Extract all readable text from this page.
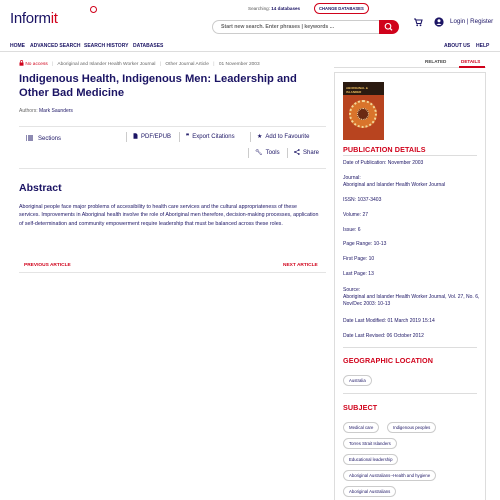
Informit
Searching: 14 databases	CHANGE DATABASES
Start new search. Enter phrases | keywords ...
Login | Register
HOME ADVANCED SEARCH SEARCH HISTORY DATABASES	ABOUT US HELP
No access | Aboriginal and Islander Health Worker Journal | Other Journal Article | 01 November 2003
Indigenous Health, Indigenous Men: Leadership and Other Bad Medicine
Authors: Mark Saunders
Sections	PDF/EPUB ❞ Export Citations	★ Add to Favourite
🔧︎ Tools	Share
Abstract
Aboriginal people face major problems of accessibility to health care services and the cultural appropriateness of these services. Improvements in Aboriginal health involve the role of Aboriginal men therefore, decision-making processes, application of self-determination and community empowerment require leadership that must be balanced across these roles.
PREVIOUS ARTICLE	NEXT ARTICLE
RELATED	DETAILS
ABORIGINAL & ISLANDER
PUBLICATION DETAILS
Date of Publication: November 2003
Journal:
Aboriginal and Islander Health Worker Journal
ISSN: 1037-3403
Volume: 27
Issue: 6
Page Range: 10-13
First Page: 10
Last Page: 13
Source:
Aboriginal and Islander Health Worker Journal, Vol. 27, No. 6, Nov/Dec 2003: 10-13
Date Last Modified: 01 March 2019 15:14
Date Last Revised: 06 October 2012
GEOGRAPHIC LOCATION
Australia
SUBJECT
Medical care	Indigenous peoples
Torres Strait Islanders
Educational leadership
Aboriginal Australians--Health and hygiene
Aboriginal Australians
